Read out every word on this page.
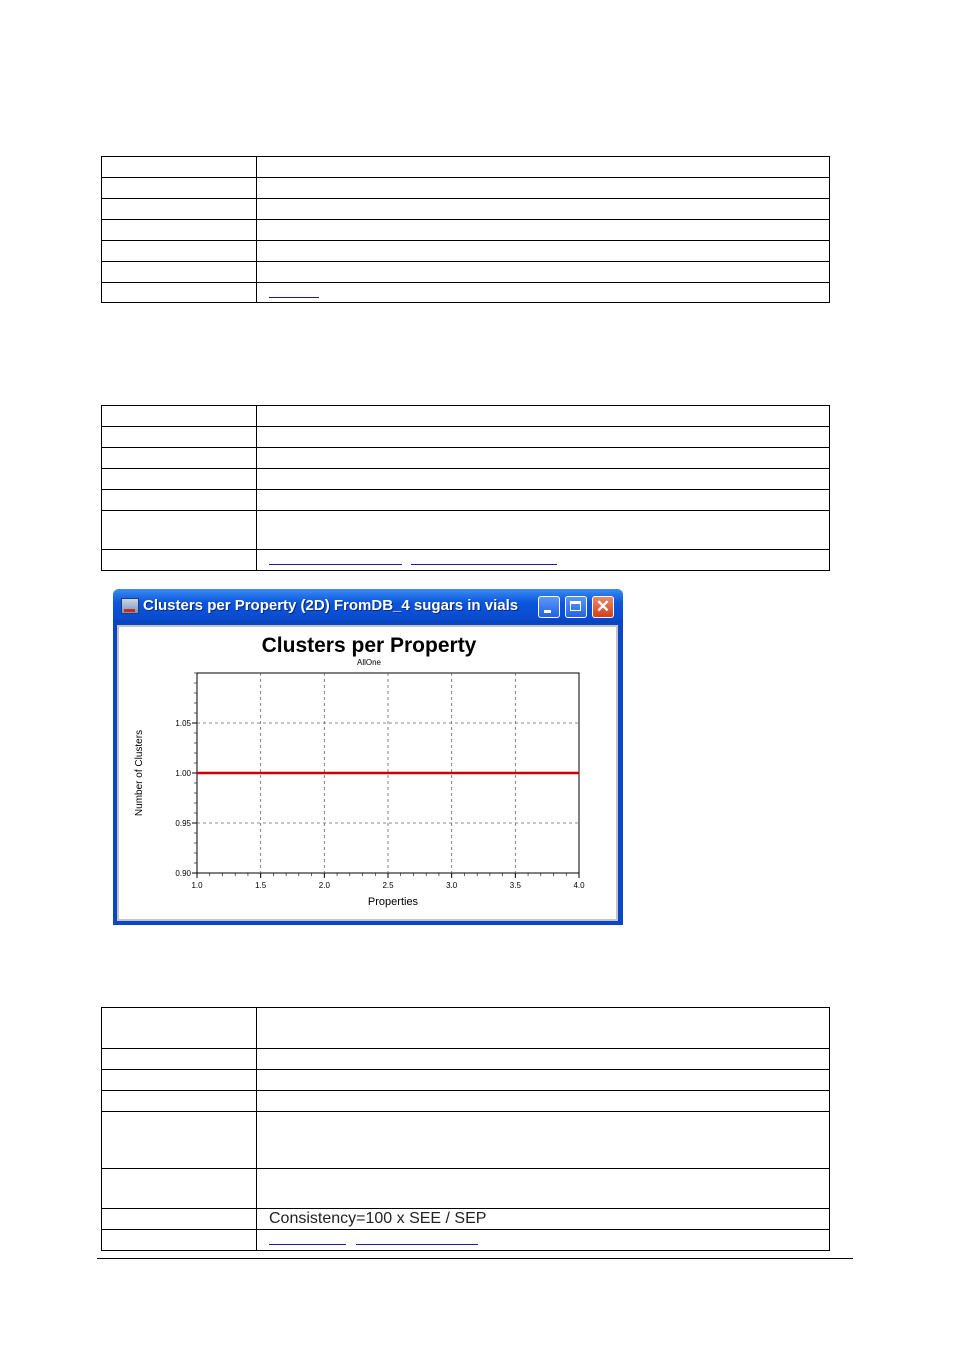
Clusters per Property (2D) FromDB_4 sugars in vials	✕
Clusters per Property
AllOne
Properties
Number of Clusters
1.0	1.5	2.0	2.5	3.0	3.5	4.0
0.90
0.95
1.00
1.05

	Consistency=100 x SEE / SEP
